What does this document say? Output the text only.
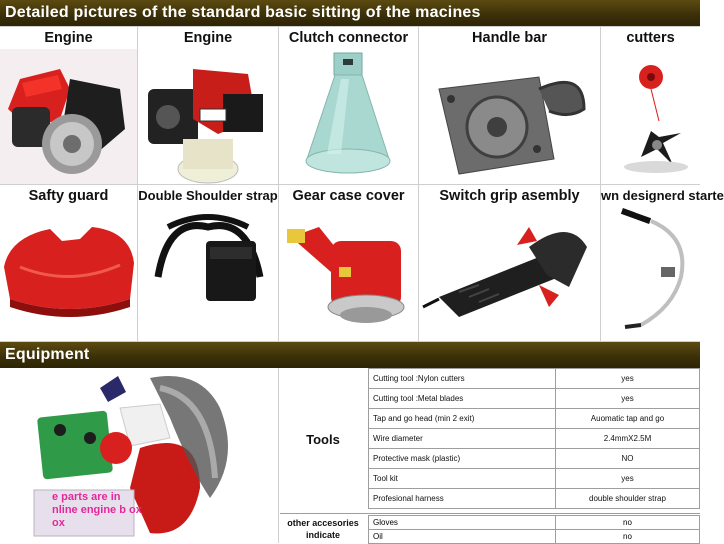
Detailed pictures of the standard basic sitting of the macines
Engine	Engine	Clutch connector	Handle bar	cutters
Safty guard	Double Shoulder strap	Gear case cover	Switch grip asembly	wn designerd starte
Equipment
e parts are in
nline engine b ox
ox
Tools
Cutting tool :Nylon cutters	yes
Cutting tool :Metal blades	yes
Tap and go head (min 2 exit)	Auomatic tap and go
Wire diameter	2.4mmX2.5M
Protective mask (plastic)	NO
Tool kit	yes
Profesional harness	double shoulder strap
other accesories indicate
Gloves	no
Oil	no
